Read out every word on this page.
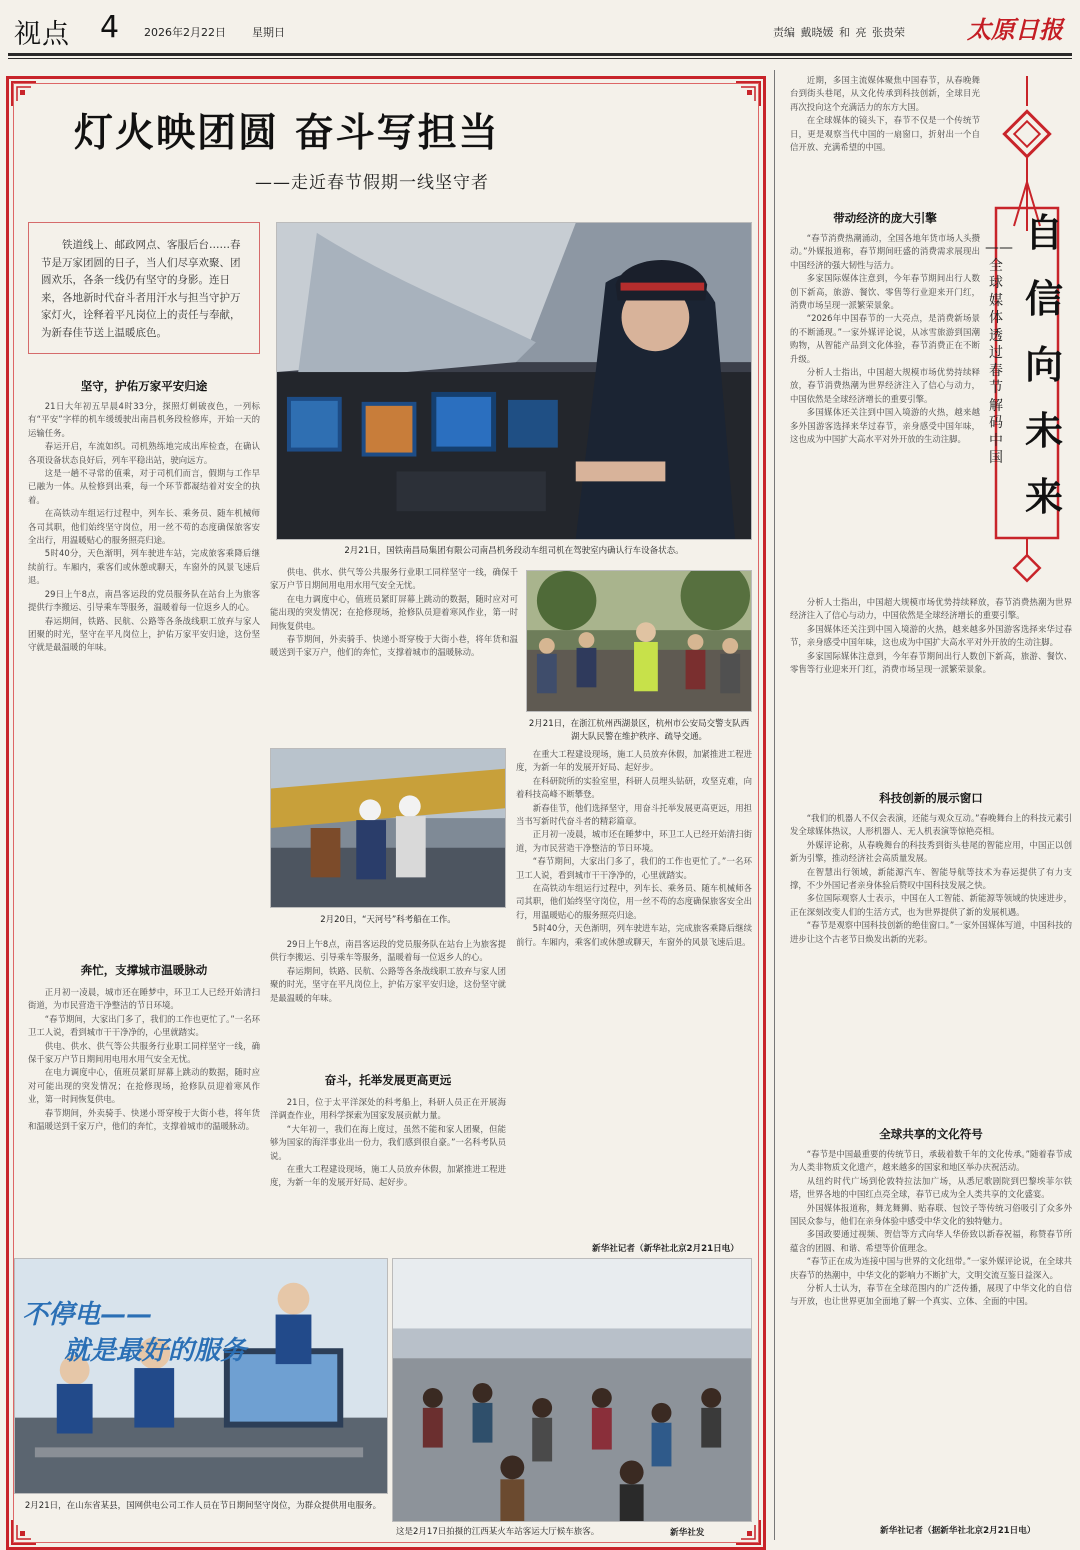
视点 4 2026年2月22日 星期日	责编 戴晓媛 和 亮 张贵荣	太原日报
灯火映团圆 奋斗写担当
——走近春节假期一线坚守者

铁道线上、邮政网点、客服后台……春节是万家团圆的日子，当人们尽享欢聚、团圆欢乐，各条一线仍有坚守的身影。连日来，各地新时代奋斗者用汗水与担当守护万家灯火，诠释着平凡岗位上的责任与奉献，为新春佳节送上温暖底色。

坚守，护佑万家平安归途

21日大年初五早晨4时33分，探照灯刺破夜色，一列标有“平安”字样的机车缓缓驶出南昌机务段检修库，开始一天的运输任务。

春运开启，车流如织。司机熟练地完成出库检查，在确认各项设备状态良好后，列车平稳出站，驶向远方。

这是一趟不寻常的值乘，对于司机们而言，假期与工作早已融为一体。从检修到出乘，每一个环节都凝结着对安全的执着。

在高铁动车组运行过程中，列车长、乘务员、随车机械师各司其职，他们始终坚守岗位，用一丝不苟的态度确保旅客安全出行，用温暖贴心的服务照亮归途。

5时40分，天色渐明，列车驶进车站，完成旅客乘降后继续前行。车厢内，乘客们或休憩或聊天，车窗外的风景飞速后退。

29日上午8点，南昌客运段的党员服务队在站台上为旅客提供行李搬运、引导乘车等服务，温暖着每一位返乡人的心。

春运期间，铁路、民航、公路等各条战线职工放弃与家人团聚的时光，坚守在平凡岗位上，护佑万家平安归途，这份坚守就是最温暖的年味。

奔忙，支撑城市温暖脉动

正月初一凌晨，城市还在睡梦中，环卫工人已经开始清扫街道，为市民营造干净整洁的节日环境。

“春节期间，大家出门多了，我们的工作也更忙了。”一名环卫工人说，看到城市干干净净的，心里就踏实。

供电、供水、供气等公共服务行业职工同样坚守一线，确保千家万户节日期间用电用水用气安全无忧。

在电力调度中心，值班员紧盯屏幕上跳动的数据，随时应对可能出现的突发情况；在抢修现场，抢修队员迎着寒风作业，第一时间恢复供电。

春节期间，外卖骑手、快递小哥穿梭于大街小巷，将年货和温暖送到千家万户，他们的奔忙，支撑着城市的温暖脉动。

2月21日，国铁南昌局集团有限公司南昌机务段动车组司机在驾驶室内确认行车设备状态。

供电、供水、供气等公共服务行业职工同样坚守一线，确保千家万户节日期间用电用水用气安全无忧。

在电力调度中心，值班员紧盯屏幕上跳动的数据，随时应对可能出现的突发情况；在抢修现场，抢修队员迎着寒风作业，第一时间恢复供电。

春节期间，外卖骑手、快递小哥穿梭于大街小巷，将年货和温暖送到千家万户，他们的奔忙，支撑着城市的温暖脉动。

2月21日，在浙江杭州西湖景区，杭州市公安局交警支队西湖大队民警在维护秩序、疏导交通。
2月20日，“天河号”科考船在工作。

29日上午8点，南昌客运段的党员服务队在站台上为旅客提供行李搬运、引导乘车等服务，温暖着每一位返乡人的心。

春运期间，铁路、民航、公路等各条战线职工放弃与家人团聚的时光，坚守在平凡岗位上，护佑万家平安归途，这份坚守就是最温暖的年味。

奋斗，托举发展更高更远

21日，位于太平洋深处的科考船上，科研人员正在开展海洋调查作业，用科学探索为国家发展贡献力量。

“大年初一，我们在海上度过，虽然不能和家人团聚，但能够为国家的海洋事业出一份力，我们感到很自豪。”一名科考队员说。

在重大工程建设现场，施工人员放弃休假，加紧推进工程进度，为新一年的发展开好局、起好步。

在重大工程建设现场，施工人员放弃休假，加紧推进工程进度，为新一年的发展开好局、起好步。

在科研院所的实验室里，科研人员埋头钻研，攻坚克难，向着科技高峰不断攀登。

新春佳节，他们选择坚守，用奋斗托举发展更高更远，用担当书写新时代奋斗者的精彩篇章。

正月初一凌晨，城市还在睡梦中，环卫工人已经开始清扫街道，为市民营造干净整洁的节日环境。

“春节期间，大家出门多了，我们的工作也更忙了。”一名环卫工人说，看到城市干干净净的，心里就踏实。

在高铁动车组运行过程中，列车长、乘务员、随车机械师各司其职，他们始终坚守岗位，用一丝不苟的态度确保旅客安全出行，用温暖贴心的服务照亮归途。

5时40分，天色渐明，列车驶进车站，完成旅客乘降后继续前行。车厢内，乘客们或休憩或聊天，车窗外的风景飞速后退。

新华社记者（新华社北京2月21日电）
不停电——
就是最好的服务
2月21日，在山东省某县，国网供电公司工作人员在节日期间坚守岗位，为群众提供用电服务。
这是2月17日拍摄的江西某火车站客运大厅候车旅客。	新华社发
自信向未来
——全球媒体透过春节解码中国

近期，多国主流媒体聚焦中国春节，从春晚舞台到街头巷尾，从文化传承到科技创新，全球目光再次投向这个充满活力的东方大国。

在全球媒体的镜头下，春节不仅是一个传统节日，更是观察当代中国的一扇窗口，折射出一个自信开放、充满希望的中国。

带动经济的庞大引擎

“春节消费热潮涌动，全国各地年货市场人头攒动。”外媒报道称，春节期间旺盛的消费需求展现出中国经济的强大韧性与活力。

多家国际媒体注意到，今年春节期间出行人数创下新高，旅游、餐饮、零售等行业迎来开门红，消费市场呈现一派繁荣景象。

“2026年中国春节的一大亮点，是消费新场景的不断涌现。”一家外媒评论说，从冰雪旅游到国潮购物，从智能产品到文化体验，春节消费正在不断升级。

分析人士指出，中国超大规模市场优势持续释放，春节消费热潮为世界经济注入了信心与动力，中国依然是全球经济增长的重要引擎。

多国媒体还关注到中国入境游的火热，越来越多外国游客选择来华过春节，亲身感受中国年味，这也成为中国扩大高水平对外开放的生动注脚。

分析人士指出，中国超大规模市场优势持续释放，春节消费热潮为世界经济注入了信心与动力，中国依然是全球经济增长的重要引擎。

多国媒体还关注到中国入境游的火热，越来越多外国游客选择来华过春节，亲身感受中国年味，这也成为中国扩大高水平对外开放的生动注脚。

多家国际媒体注意到，今年春节期间出行人数创下新高，旅游、餐饮、零售等行业迎来开门红，消费市场呈现一派繁荣景象。

科技创新的展示窗口

“我们的机器人不仅会表演，还能与观众互动。”春晚舞台上的科技元素引发全球媒体热议，人形机器人、无人机表演等惊艳亮相。

外媒评论称，从春晚舞台的科技秀到街头巷尾的智能应用，中国正以创新为引擎，推动经济社会高质量发展。

在智慧出行领域，新能源汽车、智能导航等技术为春运提供了有力支撑，不少外国记者亲身体验后赞叹中国科技发展之快。

多位国际观察人士表示，中国在人工智能、新能源等领域的快速进步，正在深刻改变人们的生活方式，也为世界提供了新的发展机遇。

“春节是观察中国科技创新的绝佳窗口。”一家外国媒体写道，中国科技的进步让这个古老节日焕发出新的光彩。

全球共享的文化符号

“春节是中国最重要的传统节日，承载着数千年的文化传承。”随着春节成为人类非物质文化遗产，越来越多的国家和地区举办庆祝活动。

从纽约时代广场到伦敦特拉法加广场，从悉尼歌剧院到巴黎埃菲尔铁塔，世界各地的中国红点亮全球，春节已成为全人类共享的文化盛宴。

外国媒体报道称，舞龙舞狮、贴春联、包饺子等传统习俗吸引了众多外国民众参与，他们在亲身体验中感受中华文化的独特魅力。

多国政要通过视频、贺信等方式向华人华侨致以新春祝福，称赞春节所蕴含的团圆、和谐、希望等价值理念。

“春节正在成为连接中国与世界的文化纽带。”一家外媒评论说，在全球共庆春节的热潮中，中华文化的影响力不断扩大，文明交流互鉴日益深入。

分析人士认为，春节在全球范围内的广泛传播，展现了中华文化的自信与开放，也让世界更加全面地了解一个真实、立体、全面的中国。

新华社记者（据新华社北京2月21日电）
